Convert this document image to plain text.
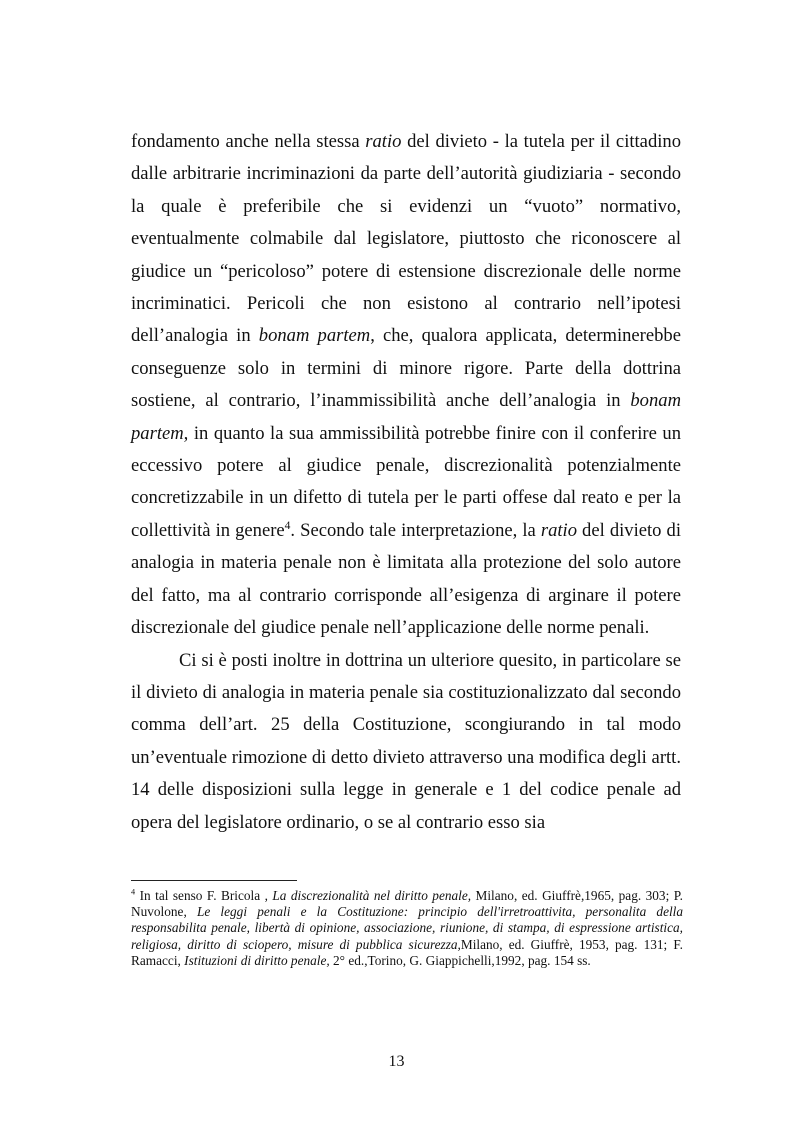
fondamento anche nella stessa ratio del divieto - la tutela per il cittadino dalle arbitrarie incriminazioni da parte dell’autorità giudiziaria - secondo la quale è preferibile che si evidenzi un “vuoto” normativo, eventualmente colmabile dal legislatore, piuttosto che riconoscere al giudice un “pericoloso” potere di estensione discrezionale delle norme incriminatici. Pericoli che non esistono al contrario nell’ipotesi dell’analogia in bonam partem, che, qualora applicata, determinerebbe conseguenze solo in termini di minore rigore. Parte della dottrina sostiene, al contrario, l’inammissibilità anche dell’analogia in bonam partem, in quanto la sua ammissibilità potrebbe finire con il conferire un eccessivo potere al giudice penale, discrezionalità potenzialmente concretizzabile in un difetto di tutela per le parti offese dal reato e per la collettività in genere$^4$. Secondo tale interpretazione, la ratio del divieto di analogia in materia penale non è limitata alla protezione del solo autore del fatto, ma al contrario corrisponde all’esigenza di arginare il potere discrezionale del giudice penale nell’applicazione delle norme penali.

Ci si è posti inoltre in dottrina un ulteriore quesito, in particolare se il divieto di analogia in materia penale sia costituzionalizzato dal secondo comma dell’art. 25 della Costituzione, scongiurando in tal modo un’eventuale rimozione di detto divieto attraverso una modifica degli artt. 14 delle disposizioni sulla legge in generale e 1 del codice penale ad opera del legislatore ordinario, o se al contrario esso sia

$^4$ In tal senso F. Bricola , La discrezionalità nel diritto penale, Milano, ed. Giuffrè,1965, pag. 303; P. Nuvolone, Le leggi penali e la Costituzione: principio dell'irretroattivita, personalita della responsabilita penale, libertà di opinione, associazione, riunione, di stampa, di espressione artistica, religiosa, diritto di sciopero, misure di pubblica sicurezza,Milano, ed. Giuffrè, 1953, pag. 131; F. Ramacci, Istituzioni di diritto penale, 2° ed.,Torino, G. Giappichelli,1992, pag. 154 ss.

13
